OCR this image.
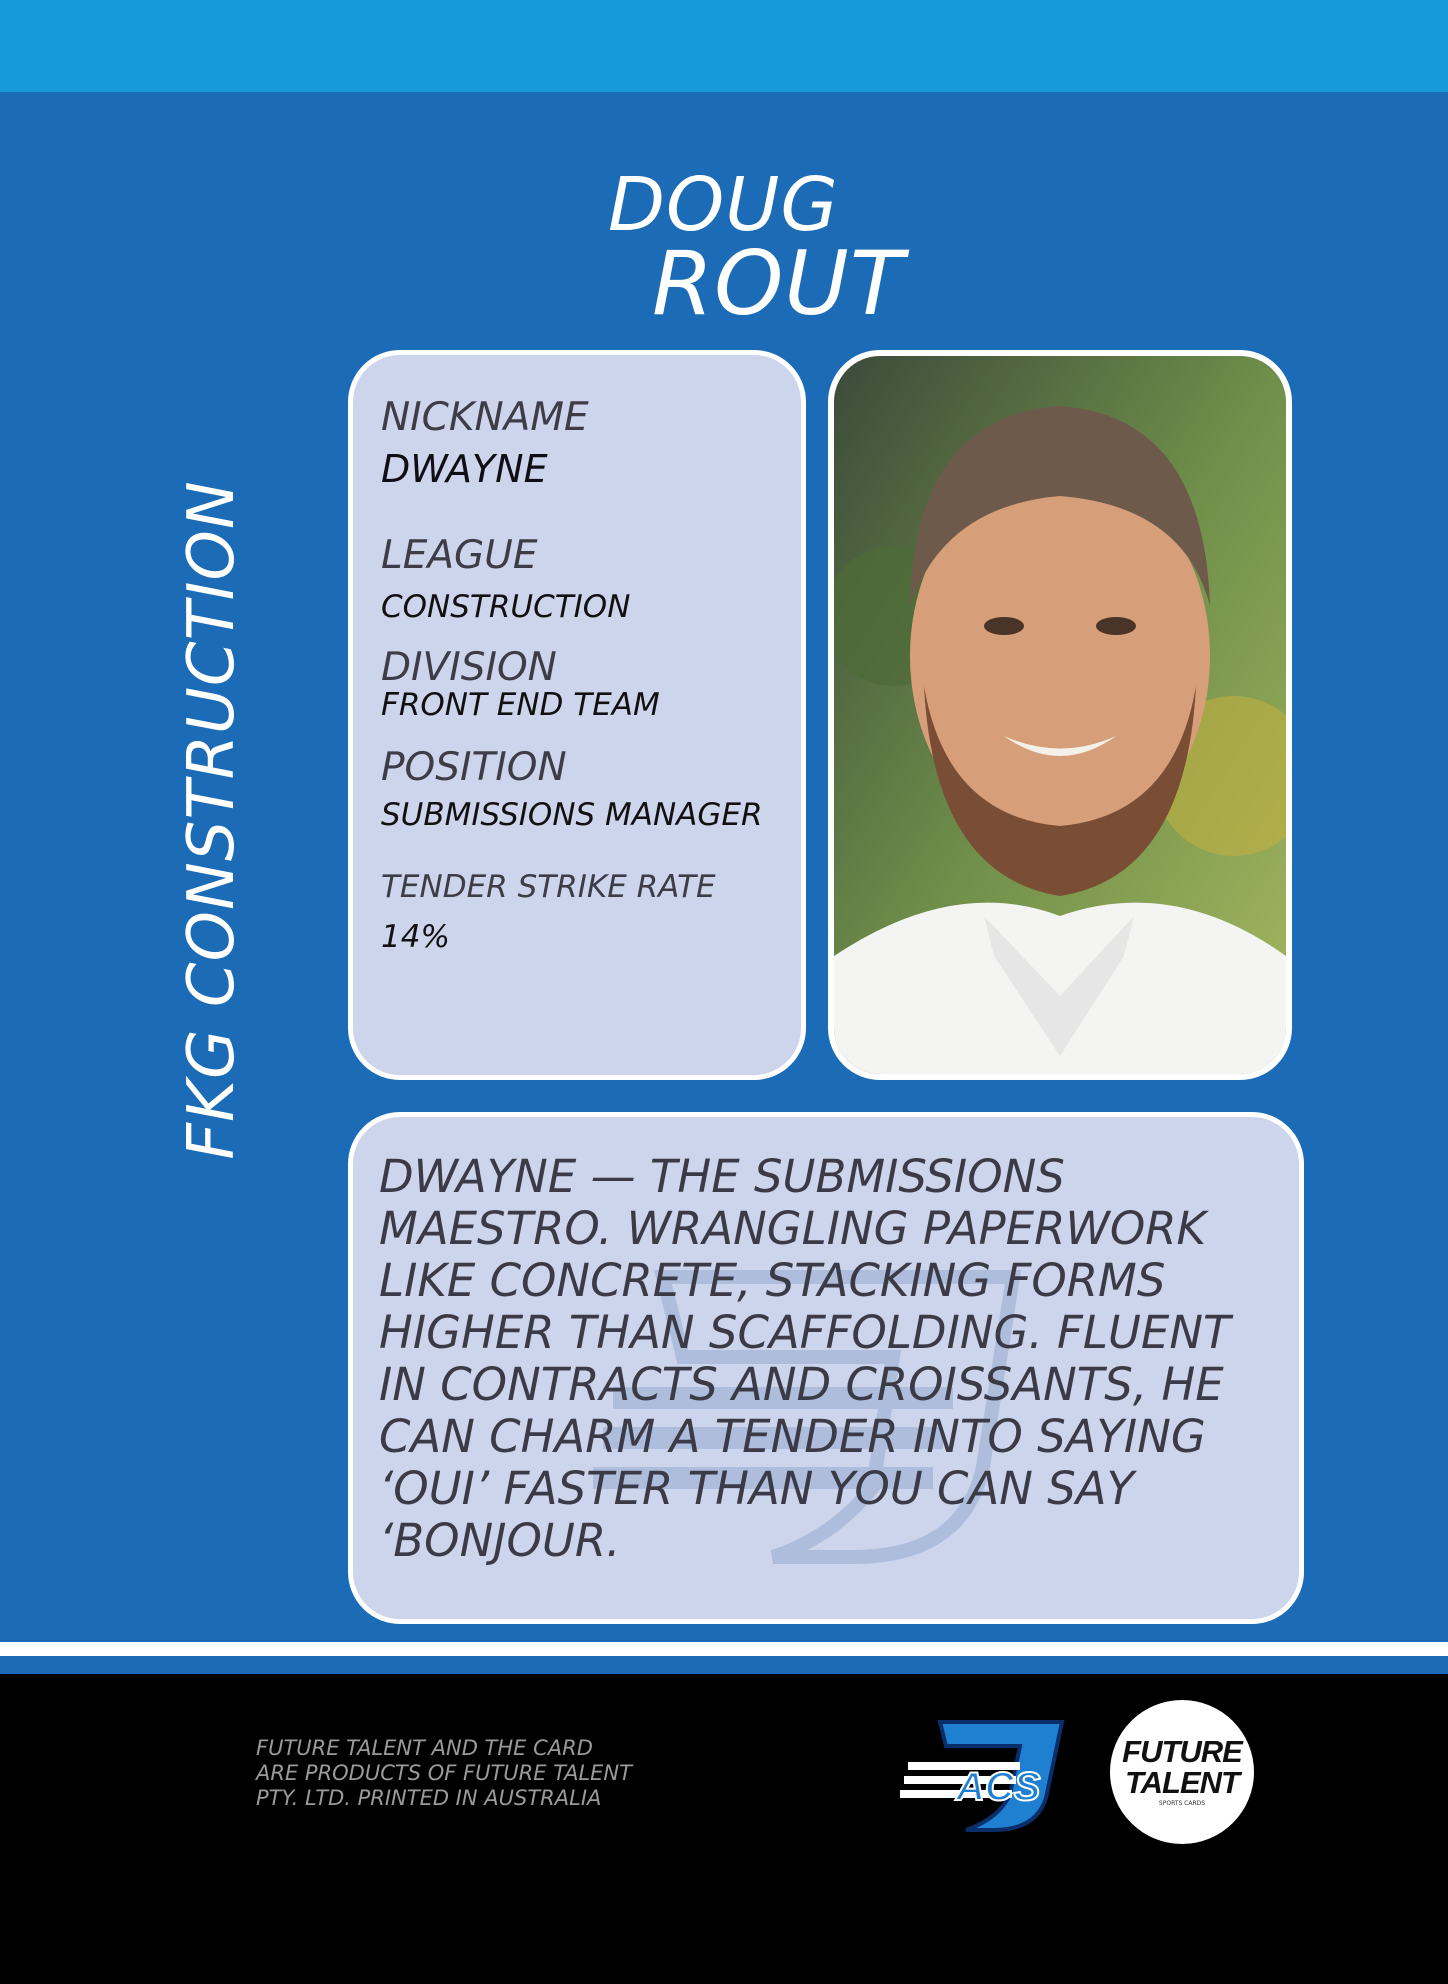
DOUG
ROUT
FKG CONSTRUCTION
NICKNAME
DWAYNE
LEAGUE
CONSTRUCTION
DIVISION
FRONT END TEAM
POSITION
SUBMISSIONS MANAGER
TENDER STRIKE RATE
14%
DWAYNE — THE SUBMISSIONS MAESTRO. WRANGLING PAPERWORK LIKE CONCRETE, STACKING FORMS HIGHER THAN SCAFFOLDING. FLUENT IN CONTRACTS AND CROISSANTS, HE CAN CHARM A TENDER INTO SAYING ‘OUI’ FASTER THAN YOU CAN SAY ‘BONJOUR.
FUTURE TALENT AND THE CARD
ARE PRODUCTS OF FUTURE TALENT
PTY. LTD. PRINTED IN AUSTRALIA	ACS
FUTURE
TALENT
SPORTS CARDS
